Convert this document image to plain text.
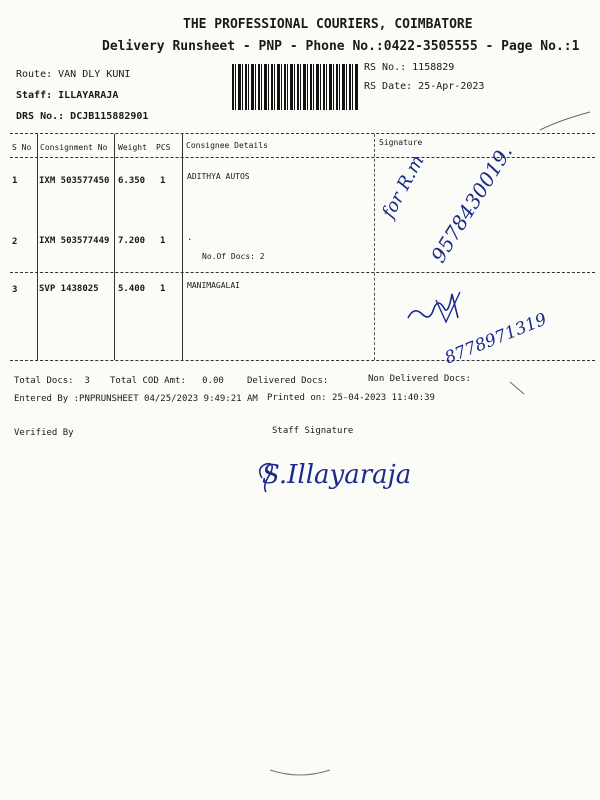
THE PROFESSIONAL COURIERS, COIMBATORE
Delivery Runsheet - PNP - Phone No.:0422-3505555 - Page No.:1
Route: VAN DLY KUNI
Staff: ILLAYARAJA
DRS No.: DCJB115882901
RS No.: 1158829
RS Date: 25-Apr-2023
S No Consignment No Weight PCS Consignee Details	Signature
1 IXM 503577450 6.350 1	ADITHYA AUTOS
2 IXM 503577449 7.200 1 .
No.Of Docs: 2
3 SVP 1438025 5.400 1	MANIMAGALAI
for R.m
9578430019.
8778971319
Total Docs:  3 Total COD Amt:   0.00	Delivered Docs:	Non Delivered Docs:
Entered By :PNPRUNSHEET 04/25/2023 9:49:21 AM Printed on: 25-04-2023 11:40:39
Verified By	Staff Signature
S.Illayaraja
